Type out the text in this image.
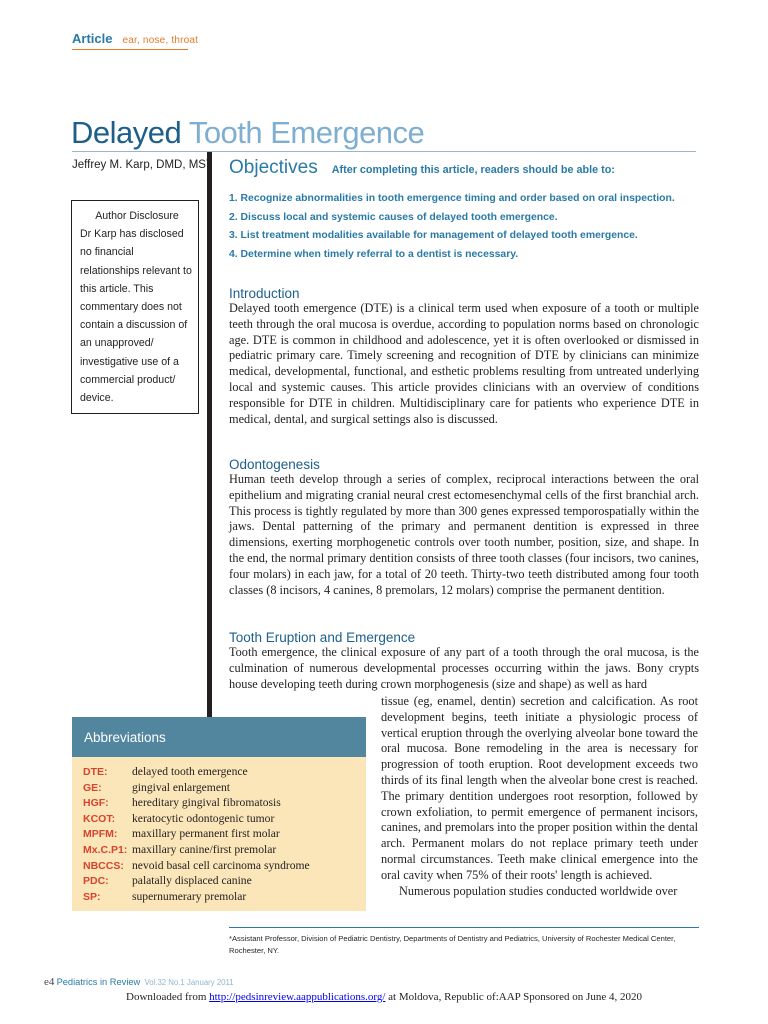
Article ear, nose, throat
Delayed Tooth Emergence
Jeffrey M. Karp, DMD, MS
Author Disclosure
Dr Karp has disclosed no financial relationships relevant to this article. This commentary does not contain a discussion of an unapproved/ investigative use of a commercial product/ device.
Objectives After completing this article, readers should be able to:
1. Recognize abnormalities in tooth emergence timing and order based on oral inspection.
2. Discuss local and systemic causes of delayed tooth emergence.
3. List treatment modalities available for management of delayed tooth emergence.
4. Determine when timely referral to a dentist is necessary.
Introduction

Delayed tooth emergence (DTE) is a clinical term used when exposure of a tooth or multiple teeth through the oral mucosa is overdue, according to population norms based on chronologic age. DTE is common in childhood and adolescence, yet it is often overlooked or dismissed in pediatric primary care. Timely screening and recognition of DTE by clinicians can minimize medical, developmental, functional, and esthetic problems resulting from untreated underlying local and systemic causes. This article provides clinicians with an overview of conditions responsible for DTE in children. Multidisciplinary care for patients who experience DTE in medical, dental, and surgical settings also is discussed.

Odontogenesis

Human teeth develop through a series of complex, reciprocal interactions between the oral epithelium and migrating cranial neural crest ectomesenchymal cells of the first branchial arch. This process is tightly regulated by more than 300 genes expressed temporospatially within the jaws. Dental patterning of the primary and permanent dentition is expressed in three dimensions, exerting morphogenetic controls over tooth number, position, size, and shape. In the end, the normal primary dentition consists of three tooth classes (four incisors, two canines, four molars) in each jaw, for a total of 20 teeth. Thirty-two teeth distributed among four tooth classes (8 incisors, 4 canines, 8 premolars, 12 molars) comprise the permanent dentition.

Tooth Eruption and Emergence

Tooth emergence, the clinical exposure of any part of a tooth through the oral mucosa, is the culmination of numerous developmental processes occurring within the jaws. Bony crypts house developing teeth during crown morphogenesis (size and shape) as well as hard

tissue (eg, enamel, dentin) secretion and calcification. As root development begins, teeth initiate a physiologic process of vertical eruption through the overlying alveolar bone toward the oral mucosa. Bone remodeling in the area is necessary for progression of tooth eruption. Root development exceeds two thirds of its final length when the alveolar bone crest is reached. The primary dentition undergoes root resorption, followed by crown exfoliation, to permit emergence of permanent incisors, canines, and premolars into the proper position within the dental arch. Permanent molars do not replace primary teeth under normal circumstances. Teeth make clinical emergence into the oral cavity when 75% of their roots' length is achieved.

Numerous population studies conducted worldwide over

Abbreviations
DTE: delayed tooth emergence
GE:	gingival enlargement
HGF: hereditary gingival fibromatosis
KCOT: keratocytic odontogenic tumor
MPFM: maxillary permanent first molar
Mx.C.P1: maxillary canine/first premolar
NBCCS: nevoid basal cell carcinoma syndrome
PDC: palatally displaced canine
SP:	supernumerary premolar
*Assistant Professor, Division of Pediatric Dentistry, Departments of Dentistry and Pediatrics, University of Rochester Medical Center, Rochester, NY.
e4 Pediatrics in Review Vol.32 No.1 January 2011
Downloaded from http://pedsinreview.aappublications.org/ at Moldova, Republic of:AAP Sponsored on June 4, 2020
